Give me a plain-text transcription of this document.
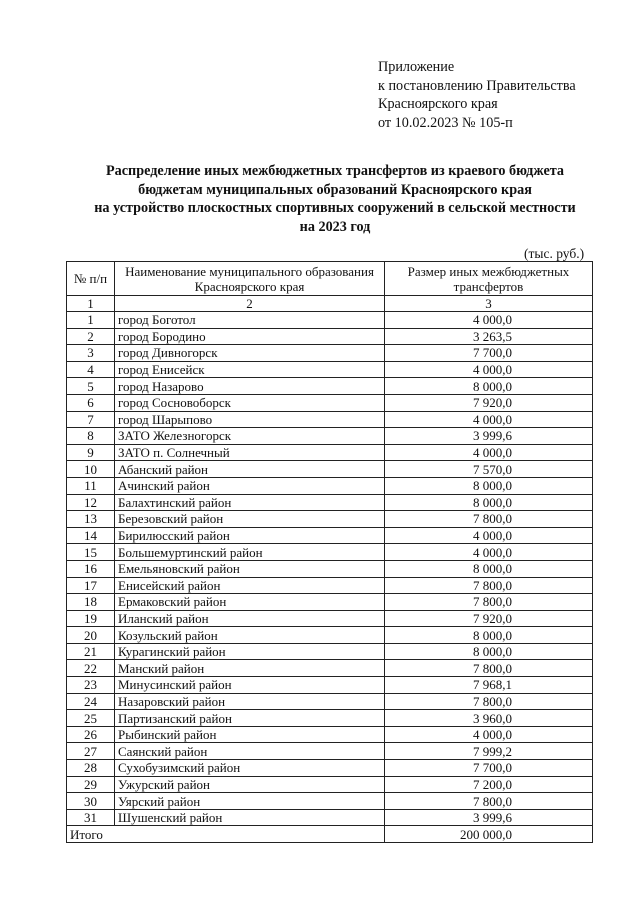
Приложение
к постановлению Правительства
Красноярского края
от 10.02.2023 № 105-п
Распределение иных межбюджетных трансфертов из краевого бюджета
бюджетам муниципальных образований Красноярского края
на устройство плоскостных спортивных сооружений в сельской местности
на 2023 год
(тыс. руб.)
№ п/п	Наименование муниципального образования Красноярского края	Размер иных межбюджетных трансфертов
1	2	3
1	город Боготол	4 000,0
2	город Бородино	3 263,5
3	город Дивногорск	7 700,0
4	город Енисейск	4 000,0
5	город Назарово	8 000,0
6	город Сосновоборск	7 920,0
7	город Шарыпово	4 000,0
8	ЗАТО Железногорск	3 999,6
9	ЗАТО п. Солнечный	4 000,0
10	Абанский район	7 570,0
11	Ачинский район	8 000,0
12	Балахтинский район	8 000,0
13	Березовский район	7 800,0
14	Бирилюсский район	4 000,0
15	Большемуртинский район	4 000,0
16	Емельяновский район	8 000,0
17	Енисейский район	7 800,0
18	Ермаковский район	7 800,0
19	Иланский район	7 920,0
20	Козульский район	8 000,0
21	Курагинский район	8 000,0
22	Манский район	7 800,0
23	Минусинский район	7 968,1
24	Назаровский район	7 800,0
25	Партизанский район	3 960,0
26	Рыбинский район	4 000,0
27	Саянский район	7 999,2
28	Сухобузимский район	7 700,0
29	Ужурский район	7 200,0
30	Уярский район	7 800,0
31	Шушенский район	3 999,6
Итого		200 000,0
